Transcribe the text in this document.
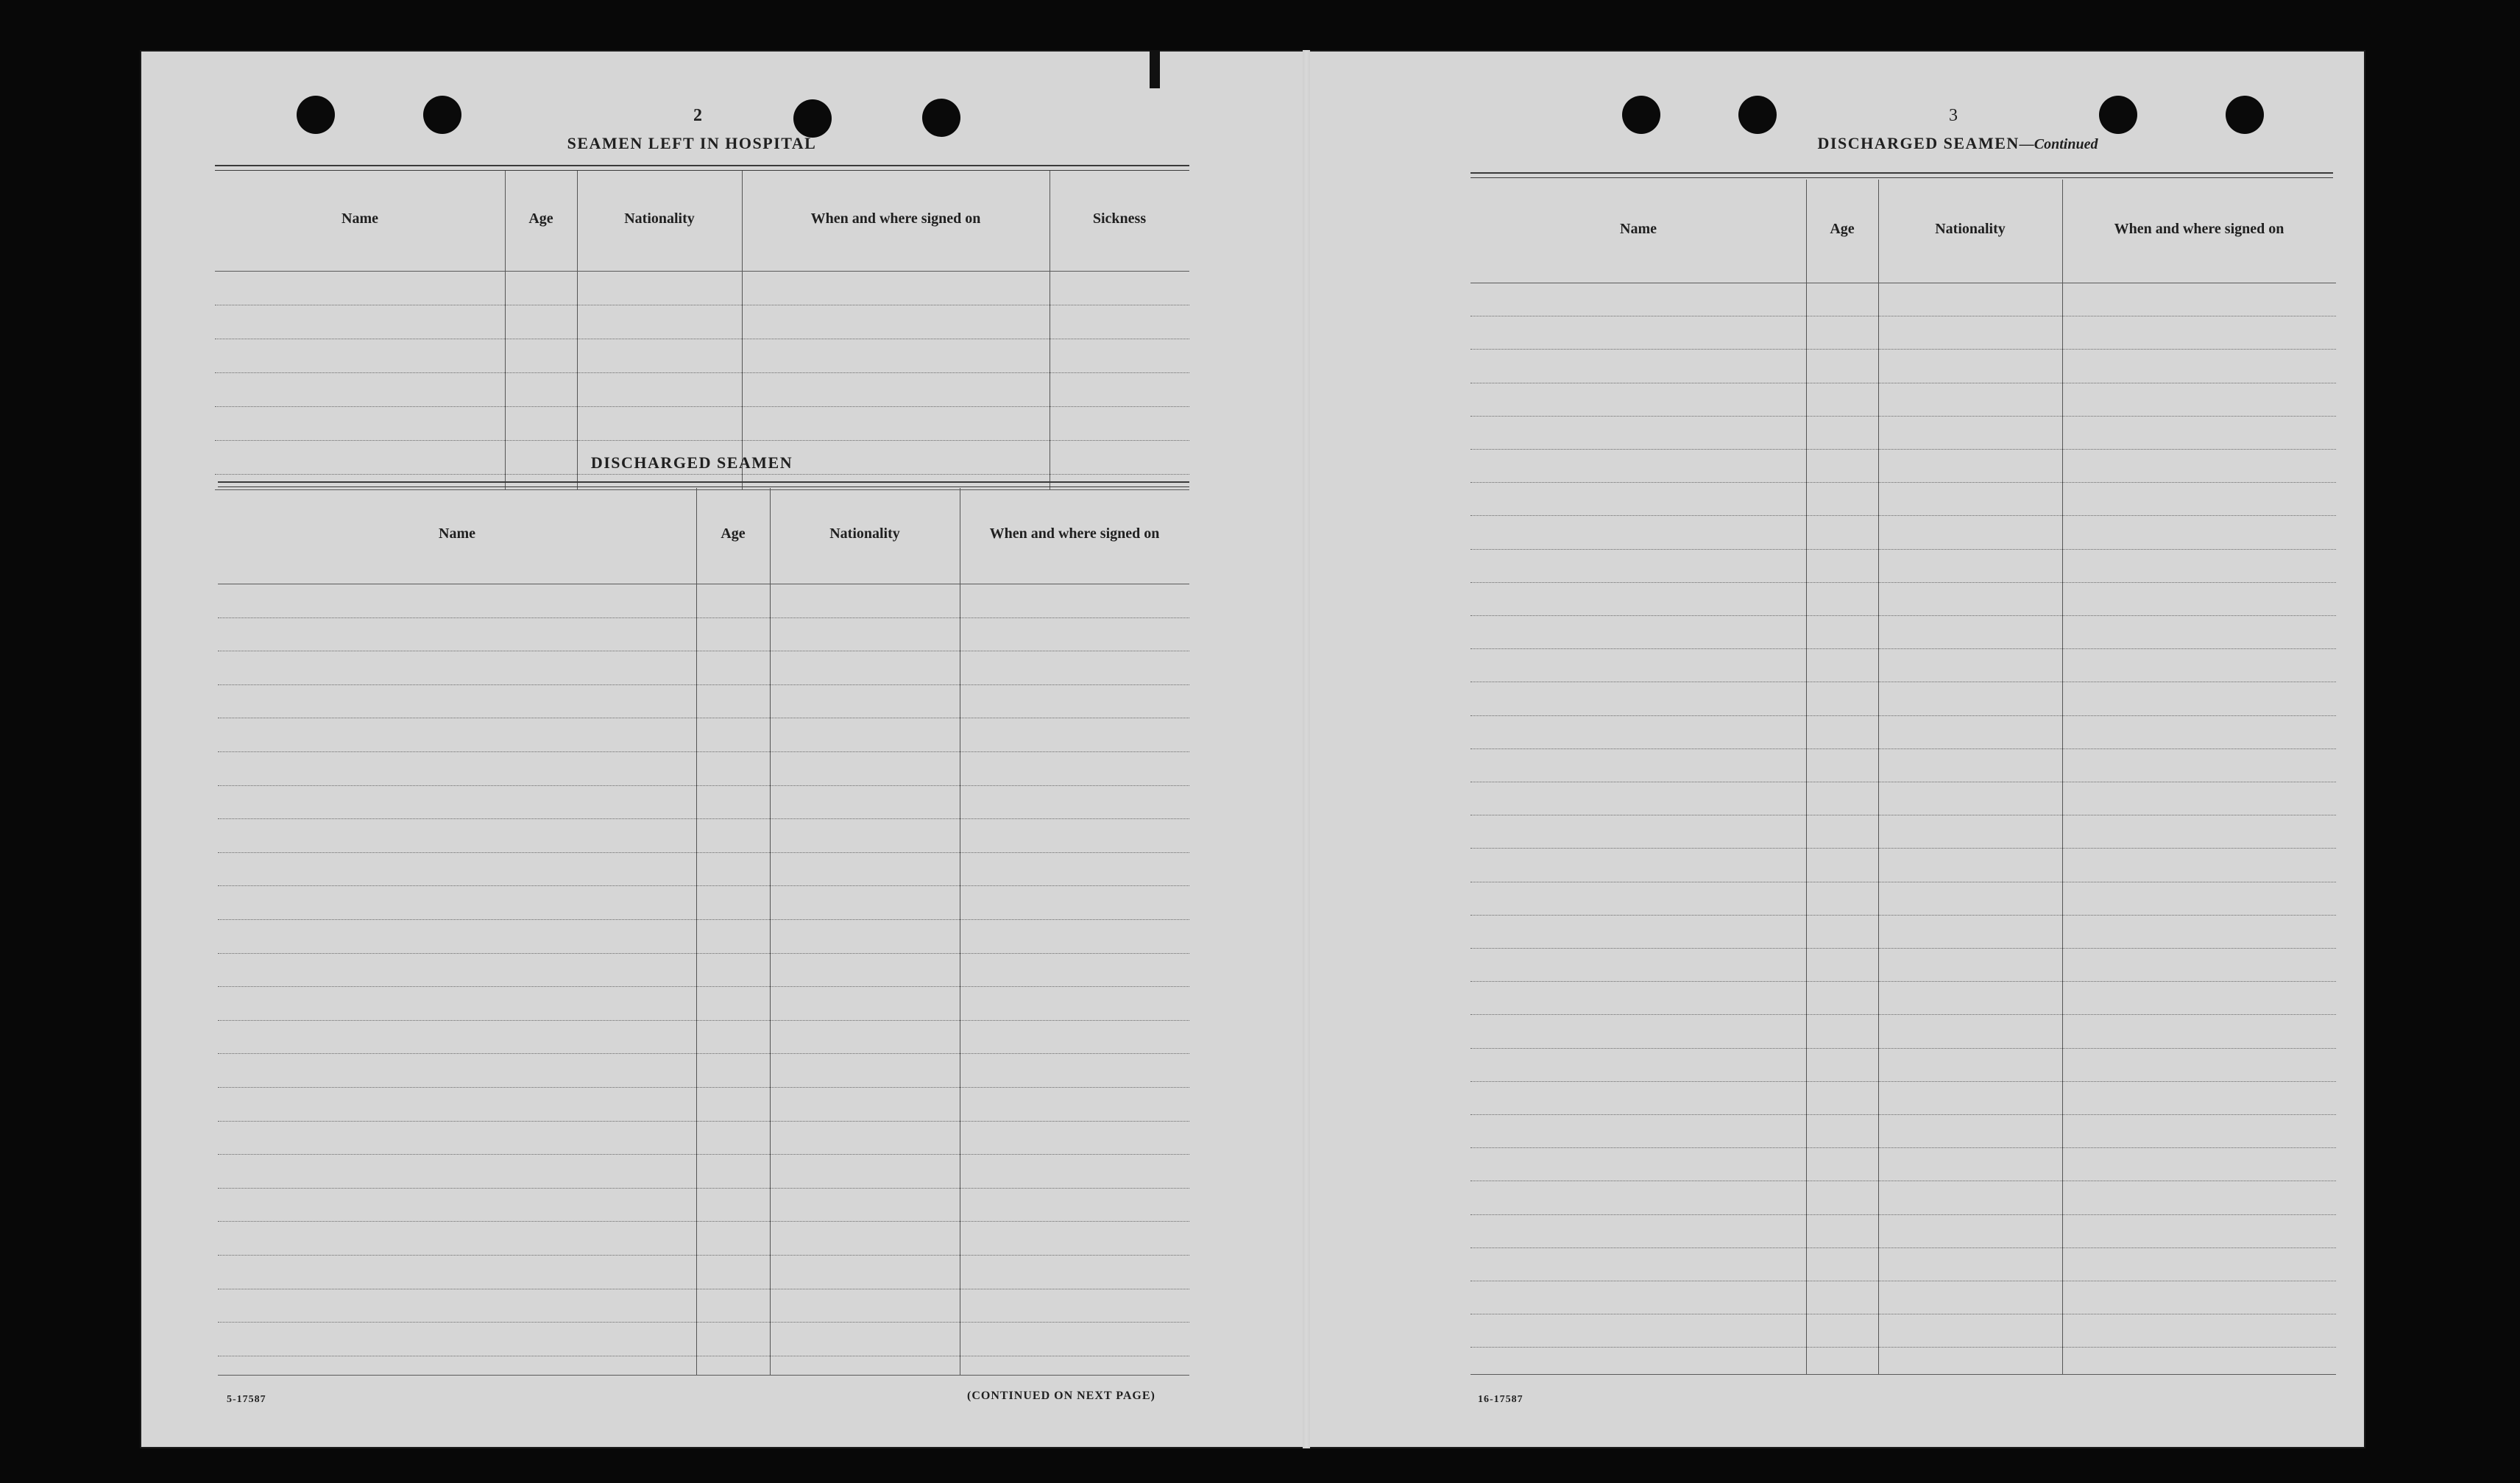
2
SEAMEN LEFT IN HOSPITAL
Name	Age	Nationality	When and where signed on	Sickness
DISCHARGED SEAMEN
Name	Age	Nationality	When and where signed on
5-17587	(CONTINUED ON NEXT PAGE)
3
DISCHARGED SEAMEN—Continued
Name	Age	Nationality	When and where signed on
16-17587
